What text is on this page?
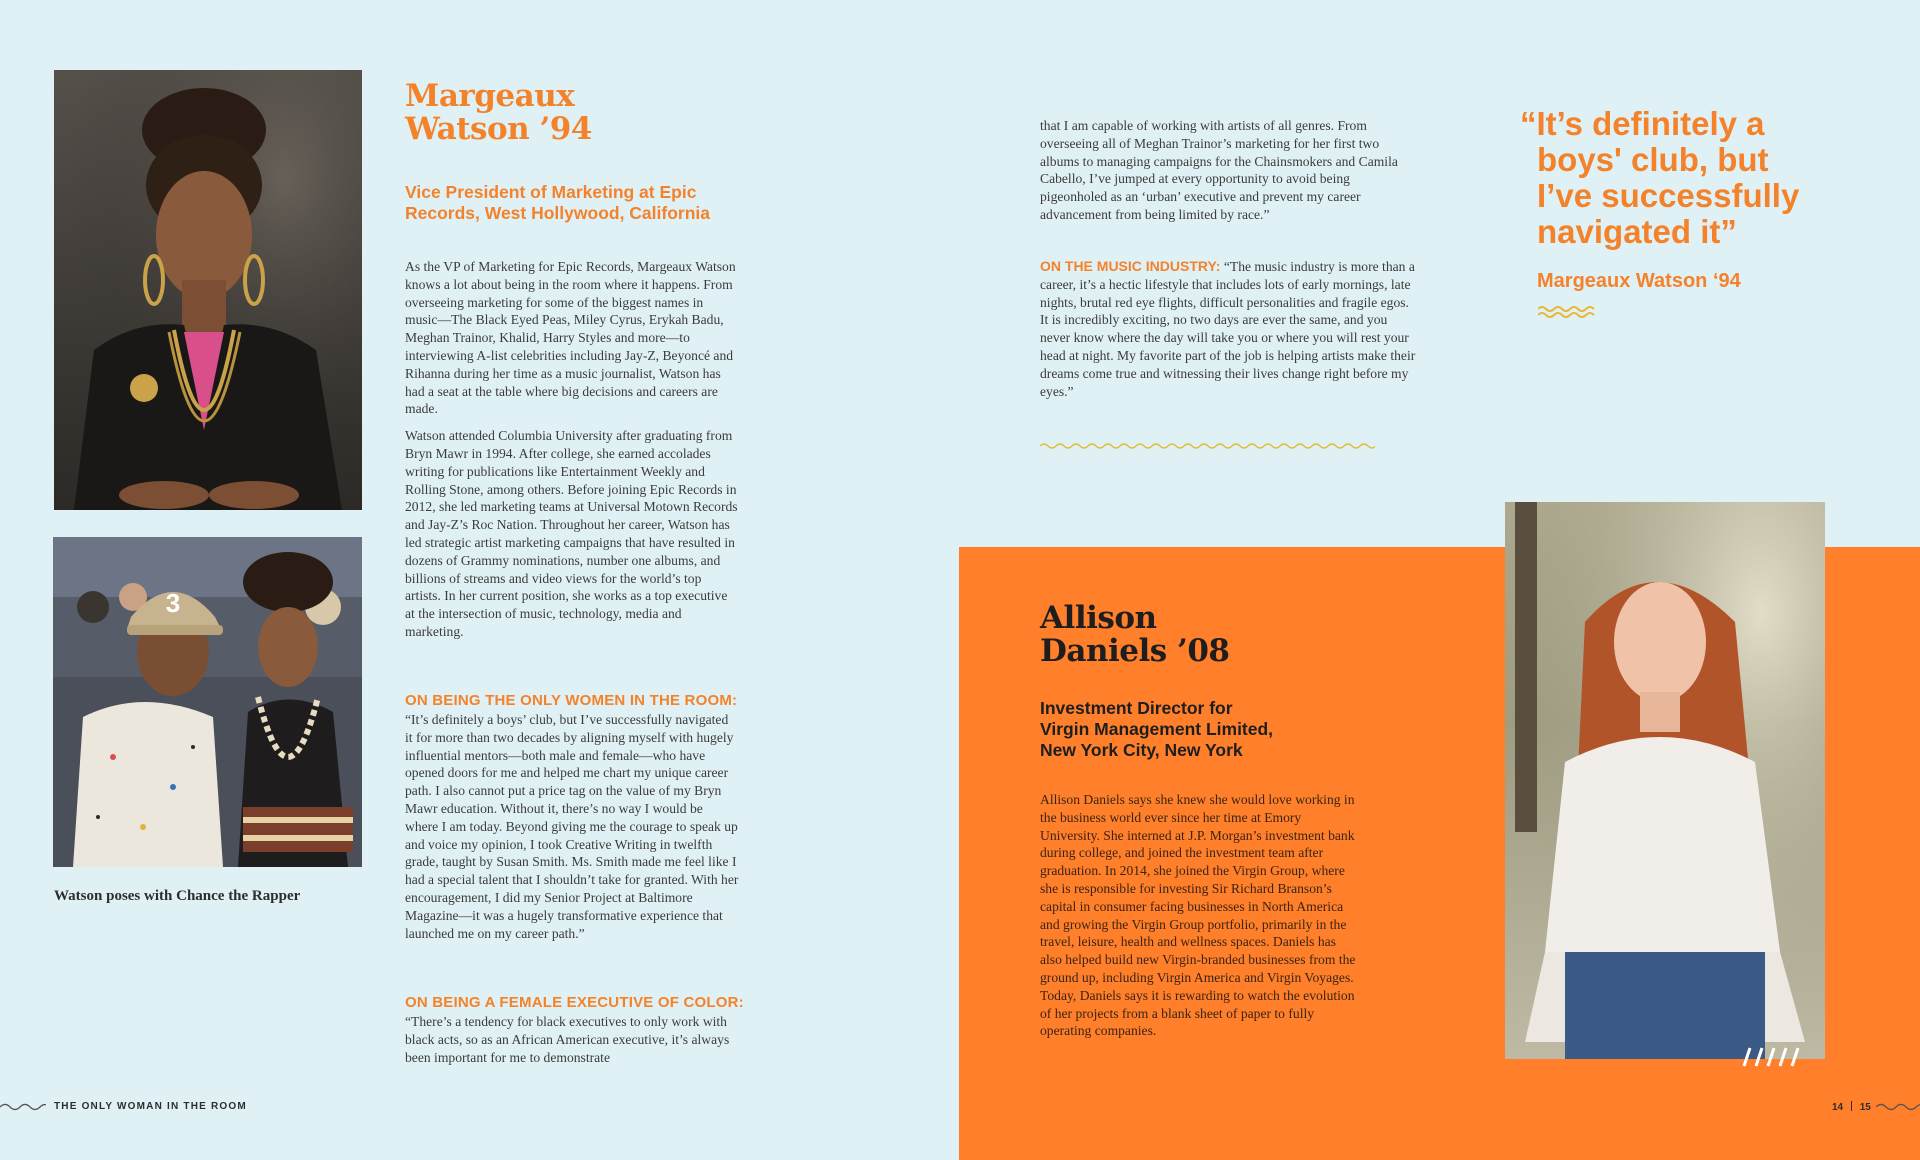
3
Watson poses with Chance the Rapper
Margeaux
Watson ’94
Vice President of Marketing at Epic
Records, West Hollywood, California

As the VP of Marketing for Epic Records, Margeaux Watson knows a lot about being in the room where it happens. From overseeing marketing for some of the biggest names in music—The Black Eyed Peas, Miley Cyrus, Erykah Badu, Meghan Trainor, Khalid, Harry Styles and more—to interviewing A-list celebrities including Jay-Z, Beyoncé and Rihanna during her time as a music journalist, Watson has had a seat at the table where big decisions and careers are made.

Watson attended Columbia University after graduating from Bryn Mawr in 1994. After college, she earned accolades writing for publications like Entertainment Weekly and Rolling Stone, among others. Before joining Epic Records in 2012, she led marketing teams at Universal Motown Records and Jay-Z’s Roc Nation. Throughout her career, Watson has led strategic artist marketing campaigns that have resulted in dozens of Grammy nominations, number one albums, and billions of streams and video views for the world’s top artists. In her current position, she works as a top executive at the intersection of music, technology, media and marketing.

ON BEING THE ONLY WOMEN IN THE ROOM:
“It’s definitely a boys’ club, but I’ve successfully navigated it for more than two decades by aligning myself with hugely influential mentors—both male and female—who have opened doors for me and helped me chart my unique career path. I also cannot put a price tag on the value of my Bryn Mawr education. Without it, there’s no way I would be where I am today. Beyond giving me the courage to speak up and voice my opinion, I took Creative Writing in twelfth grade, taught by Susan Smith. Ms. Smith made me feel like I had a special talent that I shouldn’t take for granted. With her encouragement, I did my Senior Project at Baltimore Magazine—it was a hugely transformative experience that launched me on my career path.”
ON BEING A FEMALE EXECUTIVE OF COLOR:
“There’s a tendency for black executives to only work with black acts, so as an African American executive, it’s always been important for me to demonstrate
THE ONLY WOMAN IN THE ROOM
that I am capable of working with artists of all genres. From overseeing all of Meghan Trainor’s marketing for her first two albums to managing campaigns for the Chainsmokers and Camila Cabello, I’ve jumped at every opportunity to avoid being pigeonholed as an ‘urban’ executive and prevent my career advancement from being limited by race.”
ON THE MUSIC INDUSTRY: “The music industry is more than a career, it’s a hectic lifestyle that includes lots of early mornings, late nights, brutal red eye flights, difficult personalities and fragile egos. It is incredibly exciting, no two days are ever the same, and you never know where the day will take you or where you will rest your head at night. My favorite part of the job is helping artists make their dreams come true and witnessing their lives change right before my eyes.”
“It’s definitely a
boys' club, but
I’ve successfully
navigated it”
Margeaux Watson ‘94
Allison
Daniels ’08
Investment Director for
Virgin Management Limited,
New York City, New York
Allison Daniels says she knew she would love working in the business world ever since her time at Emory University. She interned at J.P. Morgan’s investment bank during college, and joined the investment team after graduation. In 2014, she joined the Virgin Group, where she is responsible for investing Sir Richard Branson’s capital in consumer facing businesses in North America and growing the Virgin Group portfolio, primarily in the travel, leisure, health and wellness spaces. Daniels has also helped build new Virgin-branded businesses from the ground up, including Virgin America and Virgin Voyages. Today, Daniels says it is rewarding to watch the evolution of her projects from a blank sheet of paper to fully operating companies.
14 15
